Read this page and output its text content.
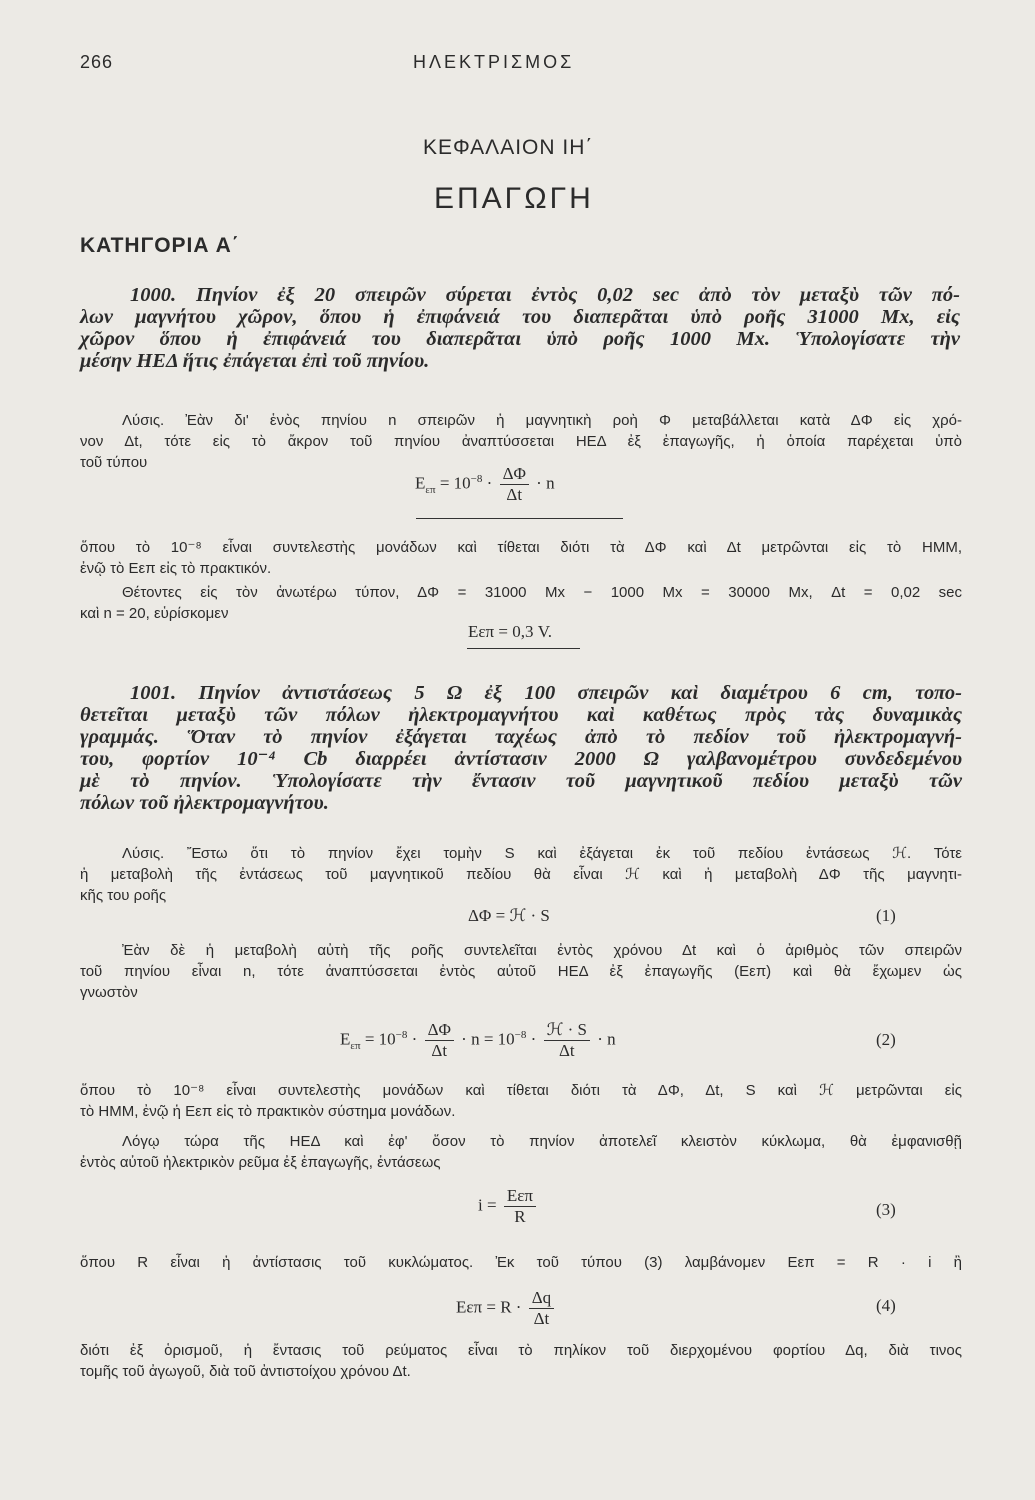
266	ΗΛΕΚΤΡΙΣΜΟΣ
ΚΕΦΑΛΑΙΟΝ ΙΗ΄
ΕΠΑΓΩΓΗ
ΚΑΤΗΓΟΡΙΑ Α΄
1000. Πηνίον ἐξ 20 σπειρῶν σύρεται ἐντὸς 0,02 sec ἀπὸ τὸν μεταξὺ τῶν πό-
λων μαγνήτου χῶρον, ὅπου ἡ ἐπιφάνειά του διαπερᾶται ὑπὸ ροῆς 31000 Mx, εἰς
χῶρον ὅπου ἡ ἐπιφάνειά του διαπερᾶται ὑπὸ ροῆς 1000 Mx. Ὑπολογίσατε τὴν
μέσην ΗΕΔ ἥτις ἐπάγεται ἐπὶ τοῦ πηνίου.
Λύσις. Ἐὰν δι' ἑνὸς πηνίου n σπειρῶν ἡ μαγνητικὴ ροὴ Φ μεταβάλλεται κατὰ ΔΦ εἰς χρό-
νον Δt, τότε εἰς τὸ ἄκρον τοῦ πηνίου ἀναπτύσσεται ΗΕΔ ἐξ ἐπαγωγῆς, ἡ ὁποία παρέχεται ὑπὸ
τοῦ τύπου
$E_{\varepsilon\pi} = 10^{-8} \cdot \frac{\Delta\Phi}{\Delta t} \cdot n$
ὅπου τὸ 10⁻⁸ εἶναι συντελεστὴς μονάδων καὶ τίθεται διότι τὰ ΔΦ καὶ Δt μετρῶνται εἰς τὸ ΗΜΜ,
ἐνῷ τὸ Eεπ εἰς τὸ πρακτικόν.
Θέτοντες εἰς τὸν ἀνωτέρω τύπον, ΔΦ = 31000 Mx − 1000 Mx = 30000 Mx, Δt = 0,02 sec
καὶ n = 20, εὑρίσκομεν
Eεπ = 0,3 V.
1001. Πηνίον ἀντιστάσεως 5 Ω ἐξ 100 σπειρῶν καὶ διαμέτρου 6 cm, τοπο-
θετεῖται μεταξὺ τῶν πόλων ἠλεκτρομαγνήτου καὶ καθέτως πρὸς τὰς δυναμικὰς
γραμμάς. Ὅταν τὸ πηνίον ἐξάγεται ταχέως ἀπὸ τὸ πεδίον τοῦ ἠλεκτρομαγνή-
του, φορτίον 10⁻⁴ Cb διαρρέει ἀντίστασιν 2000 Ω γαλβανομέτρου συνδεδεμένου
μὲ τὸ πηνίον. Ὑπολογίσατε τὴν ἔντασιν τοῦ μαγνητικοῦ πεδίου μεταξὺ τῶν
πόλων τοῦ ἠλεκτρομαγνήτου.
Λύσις. Ἔστω ὅτι τὸ πηνίον ἔχει τομὴν S καὶ ἐξάγεται ἐκ τοῦ πεδίου ἐντάσεως ℋ. Τότε
ἡ μεταβολὴ τῆς ἐντάσεως τοῦ μαγνητικοῦ πεδίου θὰ εἶναι ℋ καὶ ἡ μεταβολὴ ΔΦ τῆς μαγνητι-
κῆς του ροῆς
ΔΦ = ℋ · S	(1)
Ἐὰν δὲ ἡ μεταβολὴ αὐτὴ τῆς ροῆς συντελεῖται ἐντὸς χρόνου Δt καὶ ὁ ἀριθμὸς τῶν σπειρῶν
τοῦ πηνίου εἶναι n, τότε ἀναπτύσσεται ἐντὸς αὐτοῦ ΗΕΔ ἐξ ἐπαγωγῆς (Eεπ) καὶ θὰ ἔχωμεν ὡς
γνωστὸν
$E_{\varepsilon\pi} = 10^{-8} \cdot \frac{\Delta\Phi}{\Delta t} \cdot n = 10^{-8} \cdot \frac{\text{ℋ · S}}{\Delta t} \cdot n$	(2)
ὅπου τὸ 10⁻⁸ εἶναι συντελεστὴς μονάδων καὶ τίθεται διότι τὰ ΔΦ, Δt, S καὶ ℋ μετρῶνται εἰς
τὸ ΗΜΜ, ἐνῷ ἡ Eεπ εἰς τὸ πρακτικὸν σύστημα μονάδων.
Λόγῳ τώρα τῆς ΗΕΔ καὶ ἐφ' ὅσον τὸ πηνίον ἀποτελεῖ κλειστὸν κύκλωμα, θὰ ἐμφανισθῇ
ἐντὸς αὐτοῦ ἠλεκτρικὸν ρεῦμα ἐξ ἐπαγωγῆς, ἐντάσεως
$i = \frac{\text{Eεπ}}{R}$	(3)
ὅπου R εἶναι ἡ ἀντίστασις τοῦ κυκλώματος. Ἐκ τοῦ τύπου (3) λαμβάνομεν Eεπ = R · i ἢ
$E\varepsilon\pi = R \cdot \frac{\Delta q}{\Delta t}$	(4)
διότι ἐξ ὁρισμοῦ, ἡ ἔντασις τοῦ ρεύματος εἶναι τὸ πηλίκον τοῦ διερχομένου φορτίου Δq, διὰ τινος
τομῆς τοῦ ἀγωγοῦ, διὰ τοῦ ἀντιστοίχου χρόνου Δt.
